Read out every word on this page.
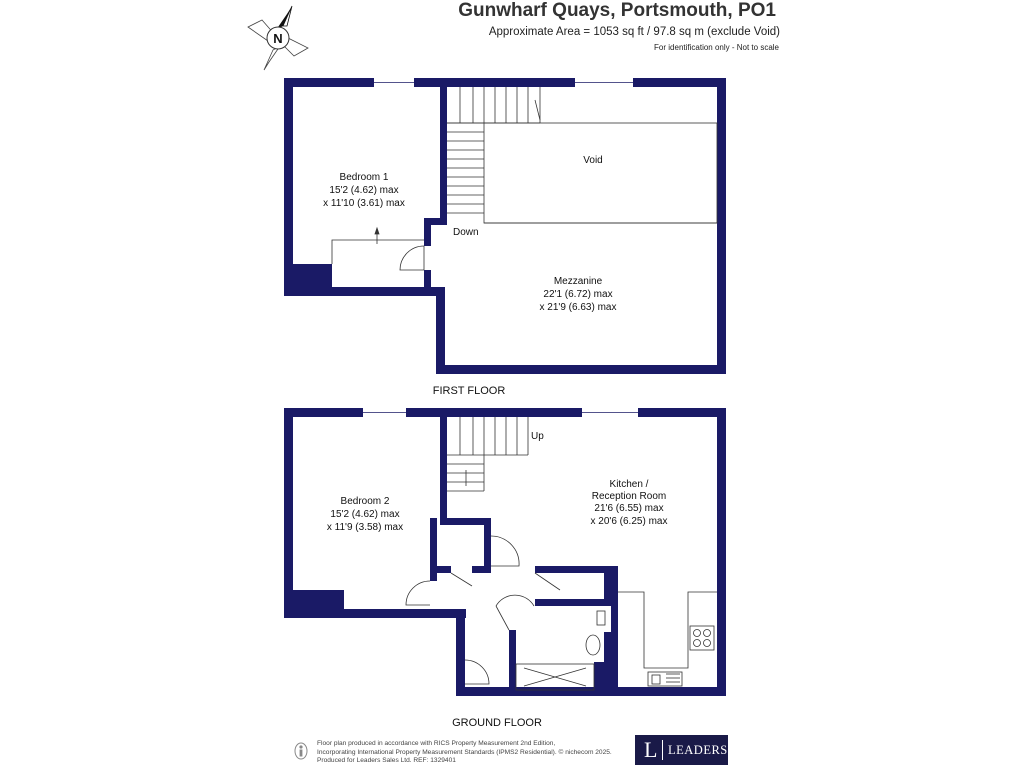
Gunwharf Quays, Portsmouth, PO1
Approximate Area = 1053 sq ft / 97.8 sq m (exclude Void)
For identification only - Not to scale
N
Bedroom 1
15'2 (4.62) max
x 11'10 (3.61) max
Void
Mezzanine
22'1 (6.72) max
x 21'9 (6.63) max
Down
FIRST FLOOR
Bedroom 2
15'2 (4.62) max
x 11'9 (3.58) max
Kitchen /
Reception Room
21'6 (6.55) max
x 20'6 (6.25) max
Up
GROUND FLOOR
Floor plan produced in accordance with RICS Property Measurement 2nd Edition,
Incorporating International Property Measurement Standards (IPMS2 Residential). © nichecom 2025.
Produced for Leaders Sales Ltd. REF: 1329401	L LEADERS
